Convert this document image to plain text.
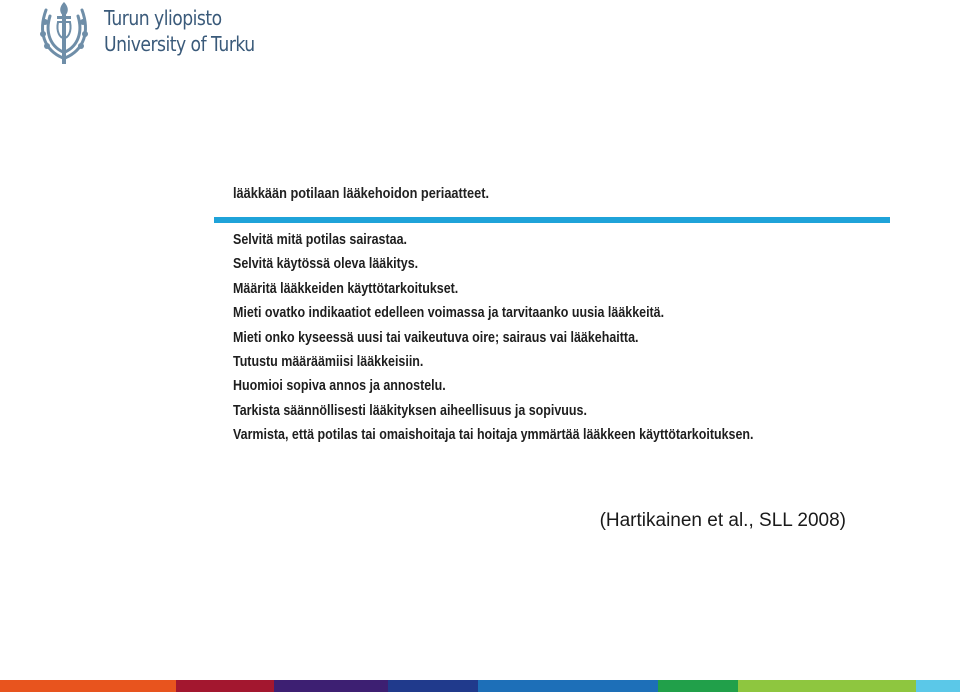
Turun yliopisto
University of Turku
lääkkään potilaan lääkehoidon periaatteet.
Selvitä mitä potilas sairastaa.
Selvitä käytössä oleva lääkitys.
Määritä lääkkeiden käyttötarkoitukset.
Mieti ovatko indikaatiot edelleen voimassa ja tarvitaanko uusia lääkkeitä.
Mieti onko kyseessä uusi tai vaikeutuva oire; sairaus vai lääkehaitta.
Tutustu määräämiisi lääkkeisiin.
Huomioi sopiva annos ja annostelu.
Tarkista säännöllisesti lääkityksen aiheellisuus ja sopivuus.
Varmista, että potilas tai omaishoitaja tai hoitaja ymmärtää lääkkeen käyttötarkoituksen.
(Hartikainen et al., SLL 2008)
